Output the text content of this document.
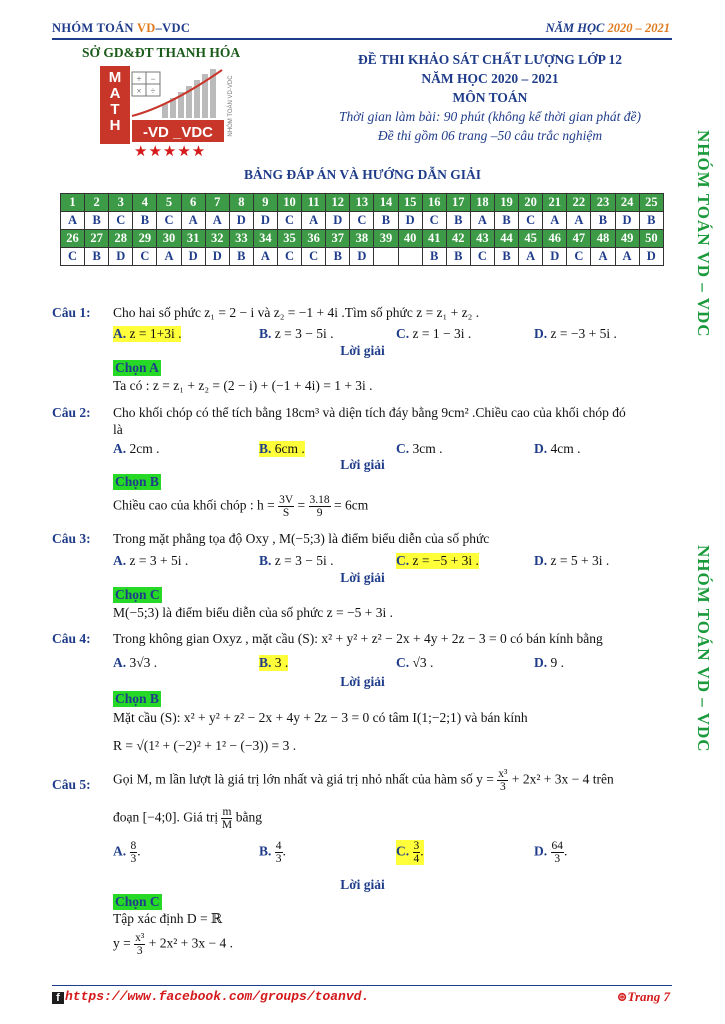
NHÓM TOÁN VD–VDC	NĂM HỌC 2020 – 2021
SỞ GD&ĐT THANH HÓA
M
A
T
H
+ −
× ÷
-VD _VDC NHÓM TOÁN VD-VDC
★★★★★
ĐỀ THI KHẢO SÁT CHẤT LƯỢNG LỚP 12
NĂM HỌC 2020 – 2021
MÔN TOÁN
Thời gian làm bài: 90 phút (không kể thời gian phát đề)
Đề thi gồm 06 trang –50 câu trắc nghiệm
BẢNG ĐÁP ÁN VÀ HƯỚNG DẪN GIẢI
1	2	3	4	5	6	7	8	9	10	11	12	13	14	15	16	17	18	19	20	21	22	23	24	25
A	B	C	B	C	A	A	D	D	C	A	D	C	B	D	C	B	A	B	C	A	A	B	D	B
26	27	28	29	30	31	32	33	34	35	36	37	38	39	40	41	42	43	44	45	46	47	48	49	50
C	B	D	C	A	D	D	B	A	C	C	B	D			B	B	C	B	A	D	C	A	A	D NHÓM TOÁN VD – VDC
NHÓM TOÁN VD – VDC
Câu 1: Cho hai số phức z₁ = 2 − i và z₂ = −1 + 4i .Tìm số phức z = z₁ + z₂ .
A. z = 1+3i .	B. z = 3 − 5i .	C. z = 1 − 3i .	D. z = −3 + 5i .
Lời giải
Chọn A
Ta có : z = z₁ + z₂ = (2 − i) + (−1 + 4i) = 1 + 3i .
Câu 2: Cho khối chóp có thể tích bằng 18cm³ và diện tích đáy bằng 9cm² .Chiều cao của khối chóp đó
là
A. 2cm .	B. 6cm .	C. 3cm .	D. 4cm .
Lời giải
Chọn B
Chiều cao của khối chóp : $h = \frac{3V}{S} = \frac{3.18}{9} = 6cm$
Câu 3: Trong mặt phẳng tọa độ Oxy , M(−5;3) là điểm biểu diễn của số phức
A. z = 3 + 5i .	B. z = 3 − 5i .	C. z = −5 + 3i .	D. z = 5 + 3i .
Lời giải
Chọn C
M(−5;3) là điểm biểu diễn của số phức z = −5 + 3i .
Câu 4: Trong không gian Oxyz , mặt cầu (S): x² + y² + z² − 2x + 4y + 2z − 3 = 0 có bán kính bằng
A. 3√3 .	B. 3 .	C. √3 .	D. 9 .
Lời giải
Chọn B
Mặt cầu (S): x² + y² + z² − 2x + 4y + 2z − 3 = 0 có tâm I(1;−2;1) và bán kính
R = √(1² + (−2)² + 1² − (−3)) = 3 .
Câu 5: Gọi M, m lần lượt là giá trị lớn nhất và giá trị nhỏ nhất của hàm số $y = \frac{\text{x³}}{3} + 2x^2 + 3x - 4$ trên
đoạn [−4;0]. Giá trị $\frac{m}{M}$ bằng
A. $\frac{8}{3}$ .	B. $\frac{4}{3}$ .	C. $\frac{3}{4}$ .	D. $\frac{64}{3}$ .
Lời giải
Chọn C
Tập xác định D = ℝ
$y = \frac{\text{x³}}{3} + 2x^2 + 3x - 4$ .
f https://www.facebook.com/groups/toanvd.	⊛Trang 7
